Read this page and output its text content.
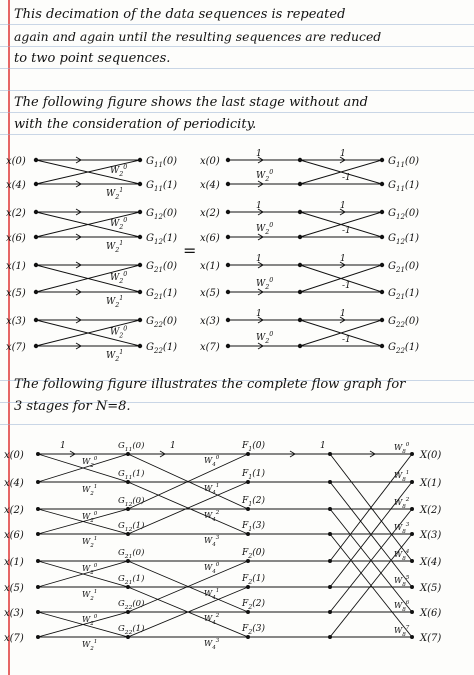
This decimation of the data sequences is repeated
again and again until the resulting sequences are reduced
to two point sequences.
The following figure shows the last stage without and
with the consideration of periodicity.
x(0)
x(4)
$G_{11}(0)$
$G_{11}(1)$
$W_2^0$
$W_2^1$
x(2)
x(6)
$G_{12}(0)$
$G_{12}(1)$
$W_2^0$
$W_2^1$
x(1)
x(5)
$G_{21}(0)$
$G_{21}(1)$
$W_2^0$
$W_2^1$
x(3)
x(7)
$G_{22}(0)$
$G_{22}(1)$
$W_2^0$
$W_2^1$
=
x(0)
x(4)
$G_{11}(0)$
$G_{11}(1)$
1	1
$W_2^0$
-1
x(2)
x(6)
$G_{12}(0)$
$G_{12}(1)$
1	1
$W_2^0$
-1
x(1)
x(5)
$G_{21}(0)$
$G_{21}(1)$
1	1
$W_2^0$
-1
x(3)
x(7)
$G_{22}(0)$
$G_{22}(1)$
1	1
$W_2^0$
-1
The following figure illustrates the complete flow graph for
3 stages for N=8.
x(0)	X(0)
$G_{11}(0)$	$F_1(0)$	$W_8^0$
$W_4^0$
$W_2^0$
x(4)	X(1)
$G_{11}(1)$	$F_1(1)$	$W_8^1$
$W_4^1$
$W_2^1$
x(2)	X(2)
$G_{12}(0)$	$F_1(2)$	$W_8^2$
$W_4^2$
$W_2^0$
x(6)	X(3)
$G_{12}(1)$	$F_1(3)$	$W_8^3$
$W_4^3$
$W_2^1$
x(1)	X(4)
$G_{21}(0)$	$F_2(0)$	$W_8^4$
$W_4^0$
$W_2^0$
x(5)	X(5)
$G_{21}(1)$	$F_2(1)$	$W_8^5$
$W_4^1$
$W_2^1$
x(3)	X(6)
$G_{22}(0)$	$F_2(2)$	$W_8^6$
$W_4^2$
$W_2^0$
x(7)	X(7)
$G_{22}(1)$	$F_2(3)$	$W_8^7$
$W_4^3$
$W_2^1$
1	1	1
